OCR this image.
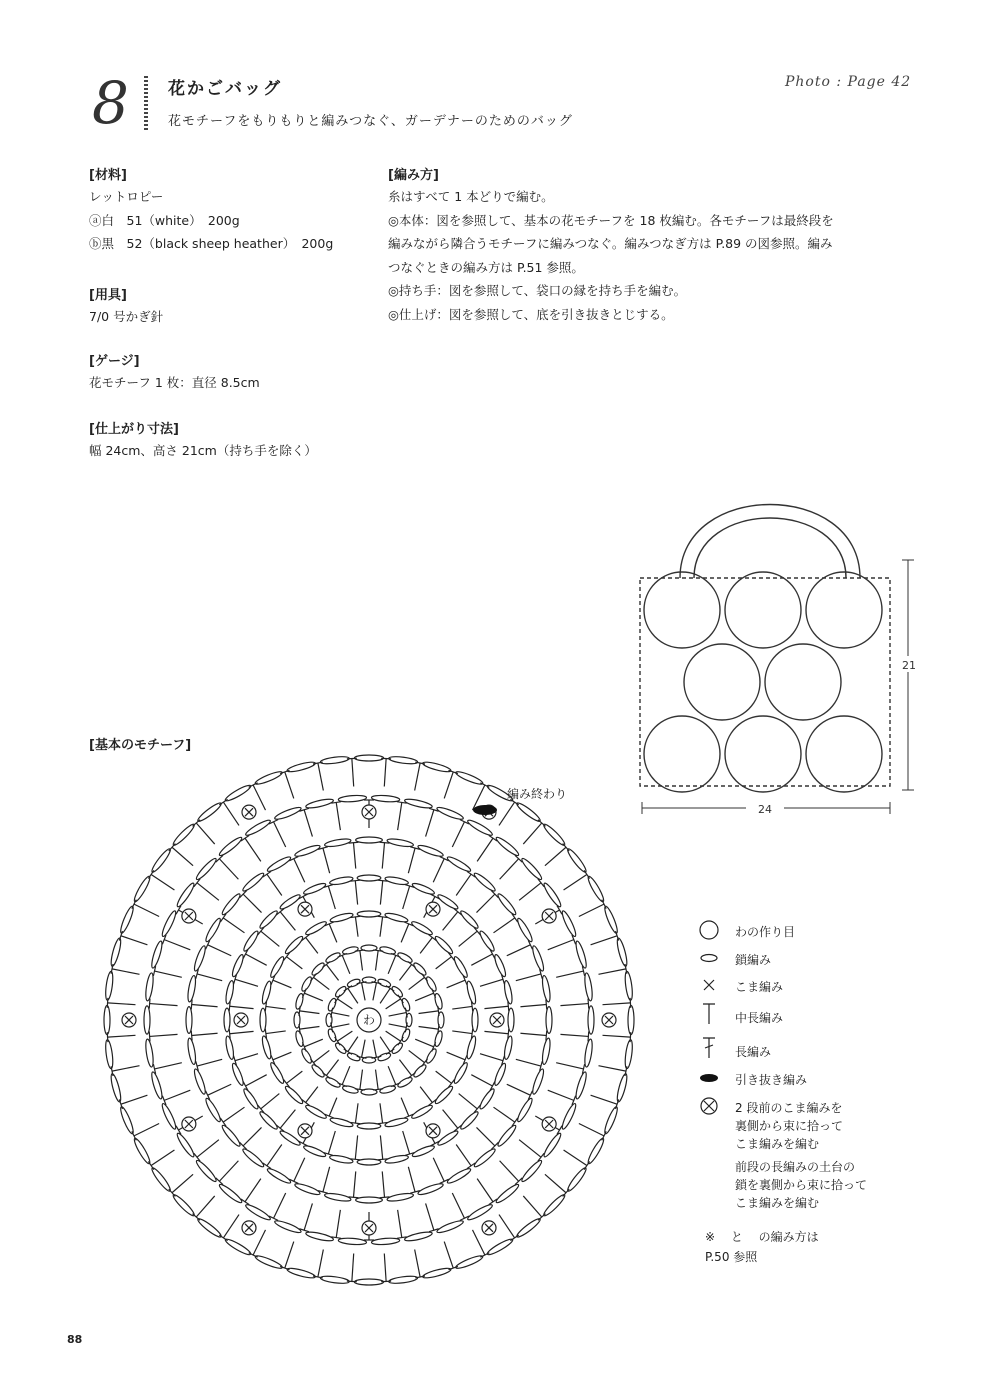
8 花かごバッグ
花モチーフをもりもりと編みつなぐ、ガーデナーのためのバッグ
Photo : Page 42
[材料]
レットロピー
ⓐ白　51（white）　200g
ⓑ黒　52（black sheep heather）　200g
[用具]
7/0 号かぎ針
[ゲージ]
花モチーフ 1 枚：直径 8.5cm
[仕上がり寸法]
幅 24cm、高さ 21cm（持ち手を除く）
[編み方]
糸はすべて 1 本どりで編む。
◎本体：図を参照して、基本の花モチーフを 18 枚編む。各モチーフは最終段を
編みながら隣合うモチーフに編みつなぐ。編みつなぎ方は P.89 の図参照。編み
つなぐときの編み方は P.51 参照。
◎持ち手：図を参照して、袋口の縁を持ち手を編む。
◎仕上げ：図を参照して、底を引き抜きとじする。
24
21
[基本のモチーフ]
わ
編み終わり
わの作り目
鎖編み
こま編み
中長編み
長編み
引き抜き編み
2 段前のこま編みを
裏側から束に拾って
こま編みを編む
前段の長編みの土台の
鎖を裏側から束に拾って
こま編みを編む
※ 　と　 の編み方は
P.50 参照
88
